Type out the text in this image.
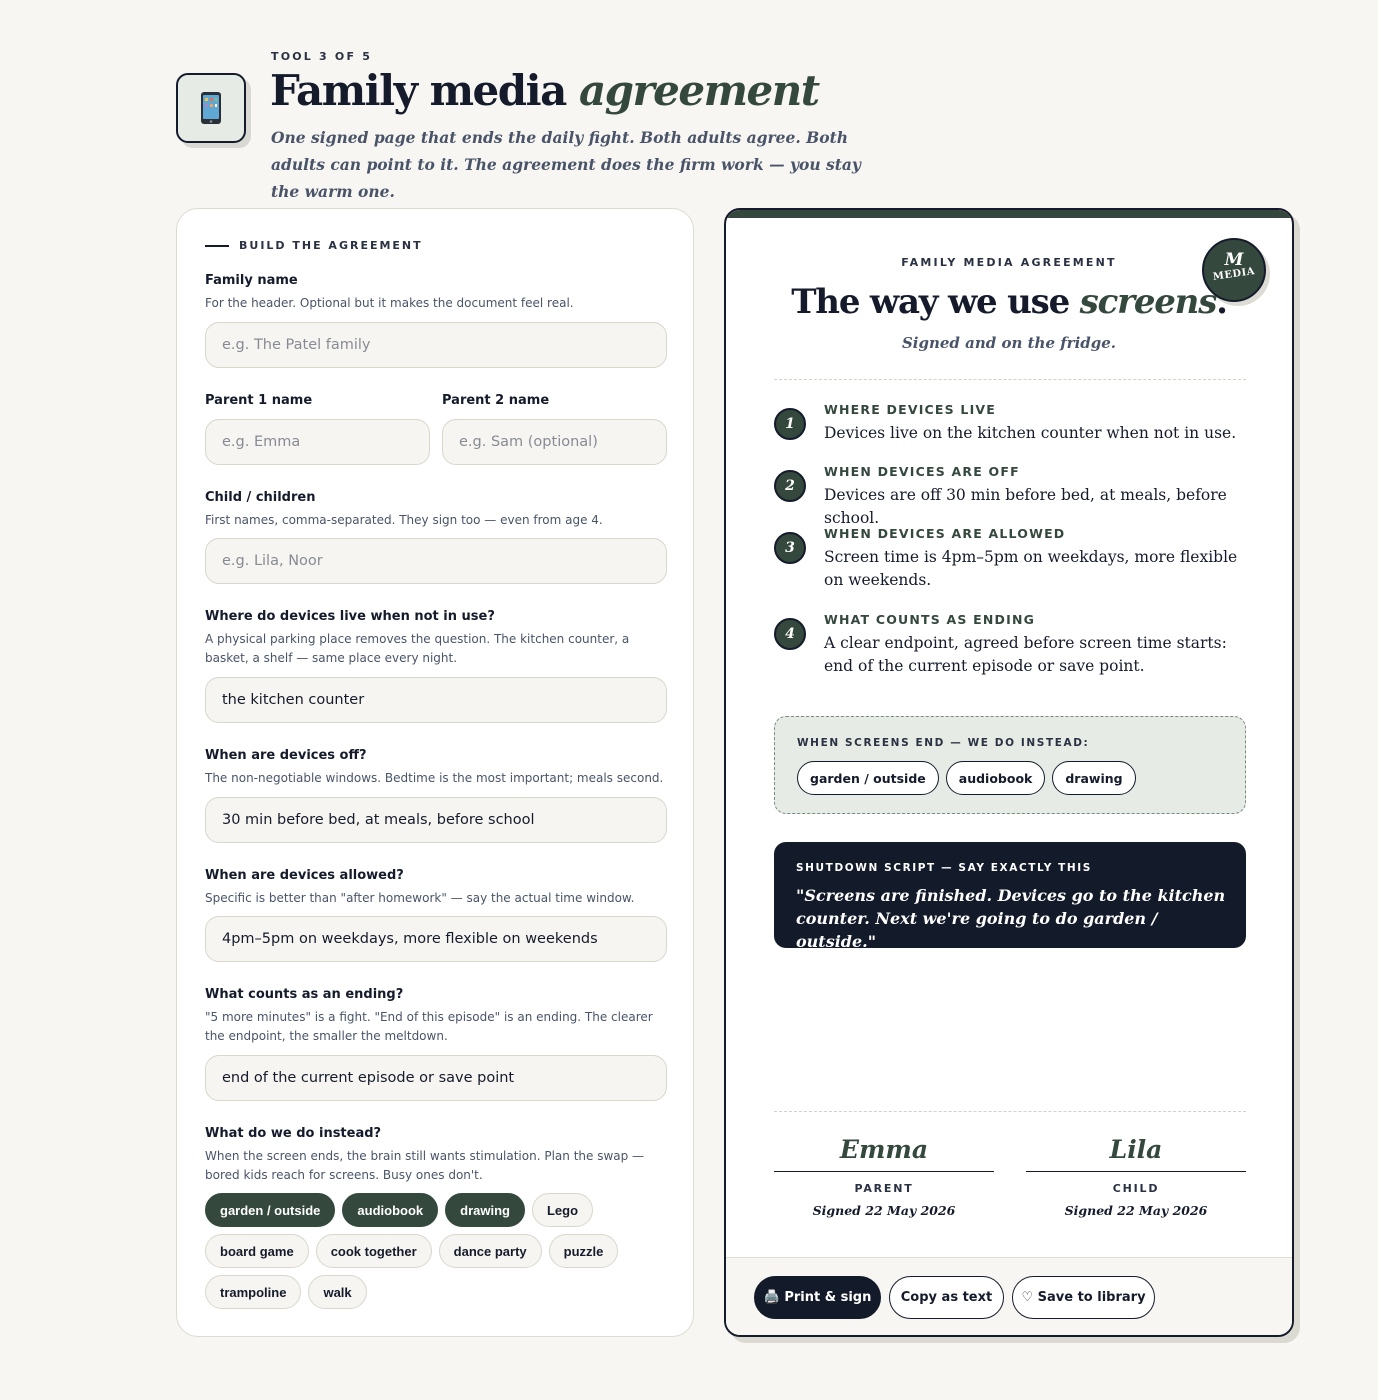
TOOL 3 OF 5
Family media agreement

One signed page that ends the daily fight. Both adults agree. Both adults can point to it. The agreement does the firm work — you stay the warm one.

BUILD THE AGREEMENT
Family name
For the header. Optional but it makes the document feel real.
e.g. The Patel family
Parent 1 name
e.g. Emma	Parent 2 name
e.g. Sam (optional)
Child / children
First names, comma-separated. They sign too — even from age 4.
e.g. Lila, Noor
Where do devices live when not in use?
A physical parking place removes the question. The kitchen counter, a basket, a shelf — same place every night.
the kitchen counter
When are devices off?
The non-negotiable windows. Bedtime is the most important; meals second.
30 min before bed, at meals, before school
When are devices allowed?
Specific is better than "after homework" — say the actual time window.
4pm–5pm on weekdays, more flexible on weekends
What counts as an ending?
"5 more minutes" is a fight. "End of this episode" is an ending. The clearer the endpoint, the smaller the meltdown.
end of the current episode or save point
What do we do instead?
When the screen ends, the brain still wants stimulation. Plan the swap — bored kids reach for screens. Busy ones don't.
garden / outside	audiobook	drawing	Lego
board game	cook together	dance party	puzzle
trampoline	walk
FAMILY MEDIA AGREEMENT	M
MEDIA
The way we use screens.
Signed and on the fridge.
1
WHERE DEVICES LIVE
Devices live on the kitchen counter when not in use.
2
WHEN DEVICES ARE OFF
Devices are off 30 min before bed, at meals, before school.
3
WHEN DEVICES ARE ALLOWED
Screen time is 4pm–5pm on weekdays, more flexible on weekends.
4
WHAT COUNTS AS ENDING
A clear endpoint, agreed before screen time starts: end of the current episode or save point.
WHEN SCREENS END — WE DO INSTEAD:
garden / outside	audiobook	drawing
SHUTDOWN SCRIPT — SAY EXACTLY THIS
"Screens are finished. Devices go to the kitchen counter. Next we're going to do garden / outside."
Emma
PARENT
Signed 22 May 2026
Lila
CHILD
Signed 22 May 2026
🖨️ Print & sign	Copy as text	♡ Save to library
